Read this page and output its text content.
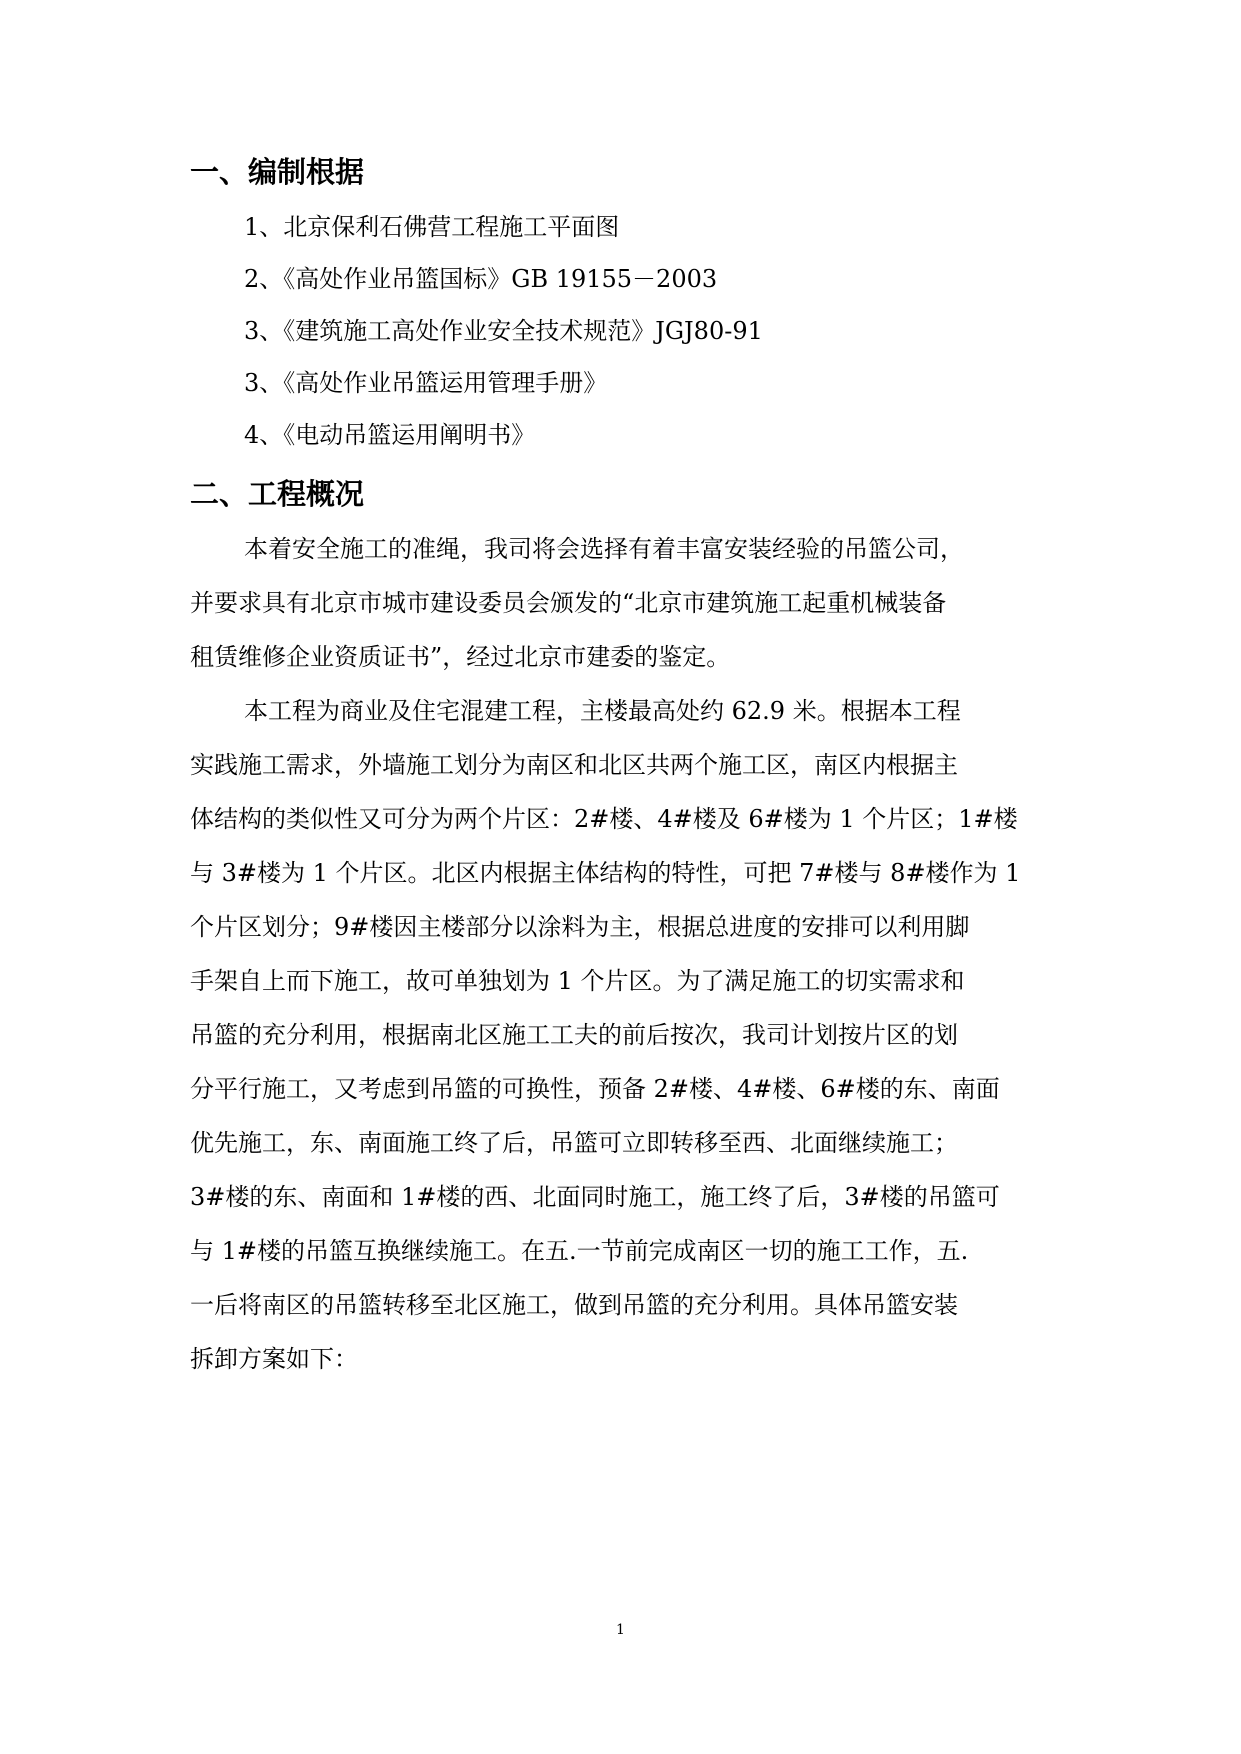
一、编制根据
1、北京保利石佛营工程施工平面图
2、《高处作业吊篮国标》GB 19155－2003
3、《建筑施工高处作业安全技术规范》JGJ80-91
3、《高处作业吊篮运用管理手册》
4、《电动吊篮运用阐明书》
二、工程概况
本着安全施工的准绳，我司将会选择有着丰富安装经验的吊篮公司，
并要求具有北京市城市建设委员会颁发的“北京市建筑施工起重机械装备
租赁维修企业资质证书”，经过北京市建委的鉴定。
本工程为商业及住宅混建工程，主楼最高处约 62.9 米。根据本工程
实践施工需求，外墙施工划分为南区和北区共两个施工区，南区内根据主
体结构的类似性又可分为两个片区：2#楼、4#楼及 6#楼为 1 个片区；1#楼
与 3#楼为 1 个片区。北区内根据主体结构的特性，可把 7#楼与 8#楼作为 1
个片区划分；9#楼因主楼部分以涂料为主，根据总进度的安排可以利用脚
手架自上而下施工，故可单独划为 1 个片区。为了满足施工的切实需求和
吊篮的充分利用，根据南北区施工工夫的前后按次，我司计划按片区的划
分平行施工，又考虑到吊篮的可换性，预备 2#楼、4#楼、6#楼的东、南面
优先施工，东、南面施工终了后，吊篮可立即转移至西、北面继续施工；
3#楼的东、南面和 1#楼的西、北面同时施工，施工终了后，3#楼的吊篮可
与 1#楼的吊篮互换继续施工。在五.一节前完成南区一切的施工工作，五.
一后将南区的吊篮转移至北区施工，做到吊篮的充分利用。具体吊篮安装
拆卸方案如下：
1
